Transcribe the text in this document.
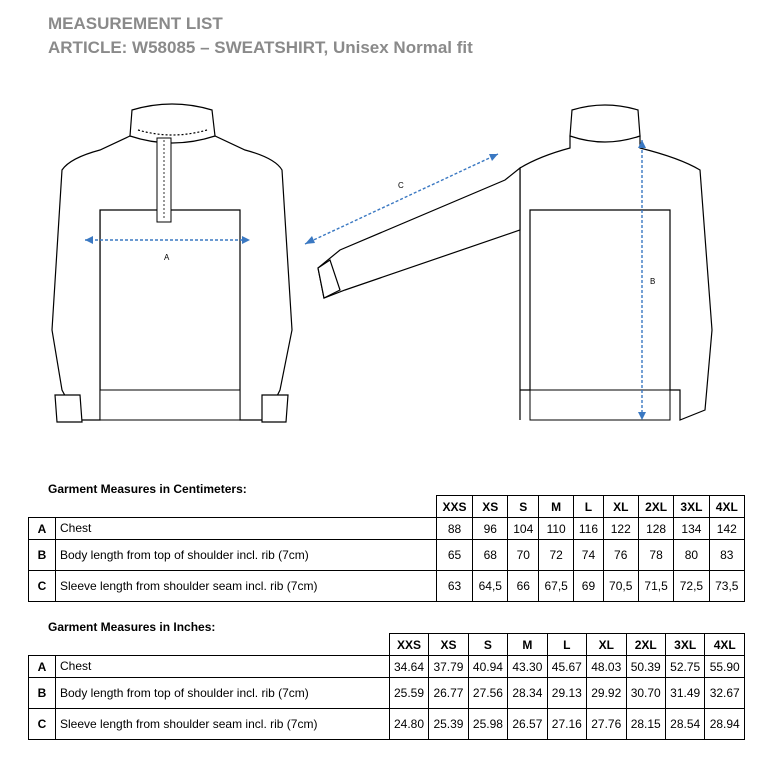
MEASUREMENT LIST
ARTICLE: W58085 – SWEATSHIRT, Unisex Normal fit
A
C
B
Garment Measures in Centimeters:
		XXS	XS	S	M	L	XL	2XL	3XL	4XL
A	Chest	88	96	104	110	116	122	128	134	142
B	Body length from top of shoulder incl. rib (7cm)	65	68	70	72	74	76	78	80	83
C	Sleeve length from shoulder seam incl. rib (7cm)	63	64,5	66	67,5	69	70,5	71,5	72,5	73,5
Garment Measures in Inches:
		XXS	XS	S	M	L	XL	2XL	3XL	4XL
A	Chest	34.64	37.79	40.94	43.30	45.67	48.03	50.39	52.75	55.90
B	Body length from top of shoulder incl. rib (7cm)	25.59	26.77	27.56	28.34	29.13	29.92	30.70	31.49	32.67
C	Sleeve length from shoulder seam incl. rib (7cm)	24.80	25.39	25.98	26.57	27.16	27.76	28.15	28.54	28.94
